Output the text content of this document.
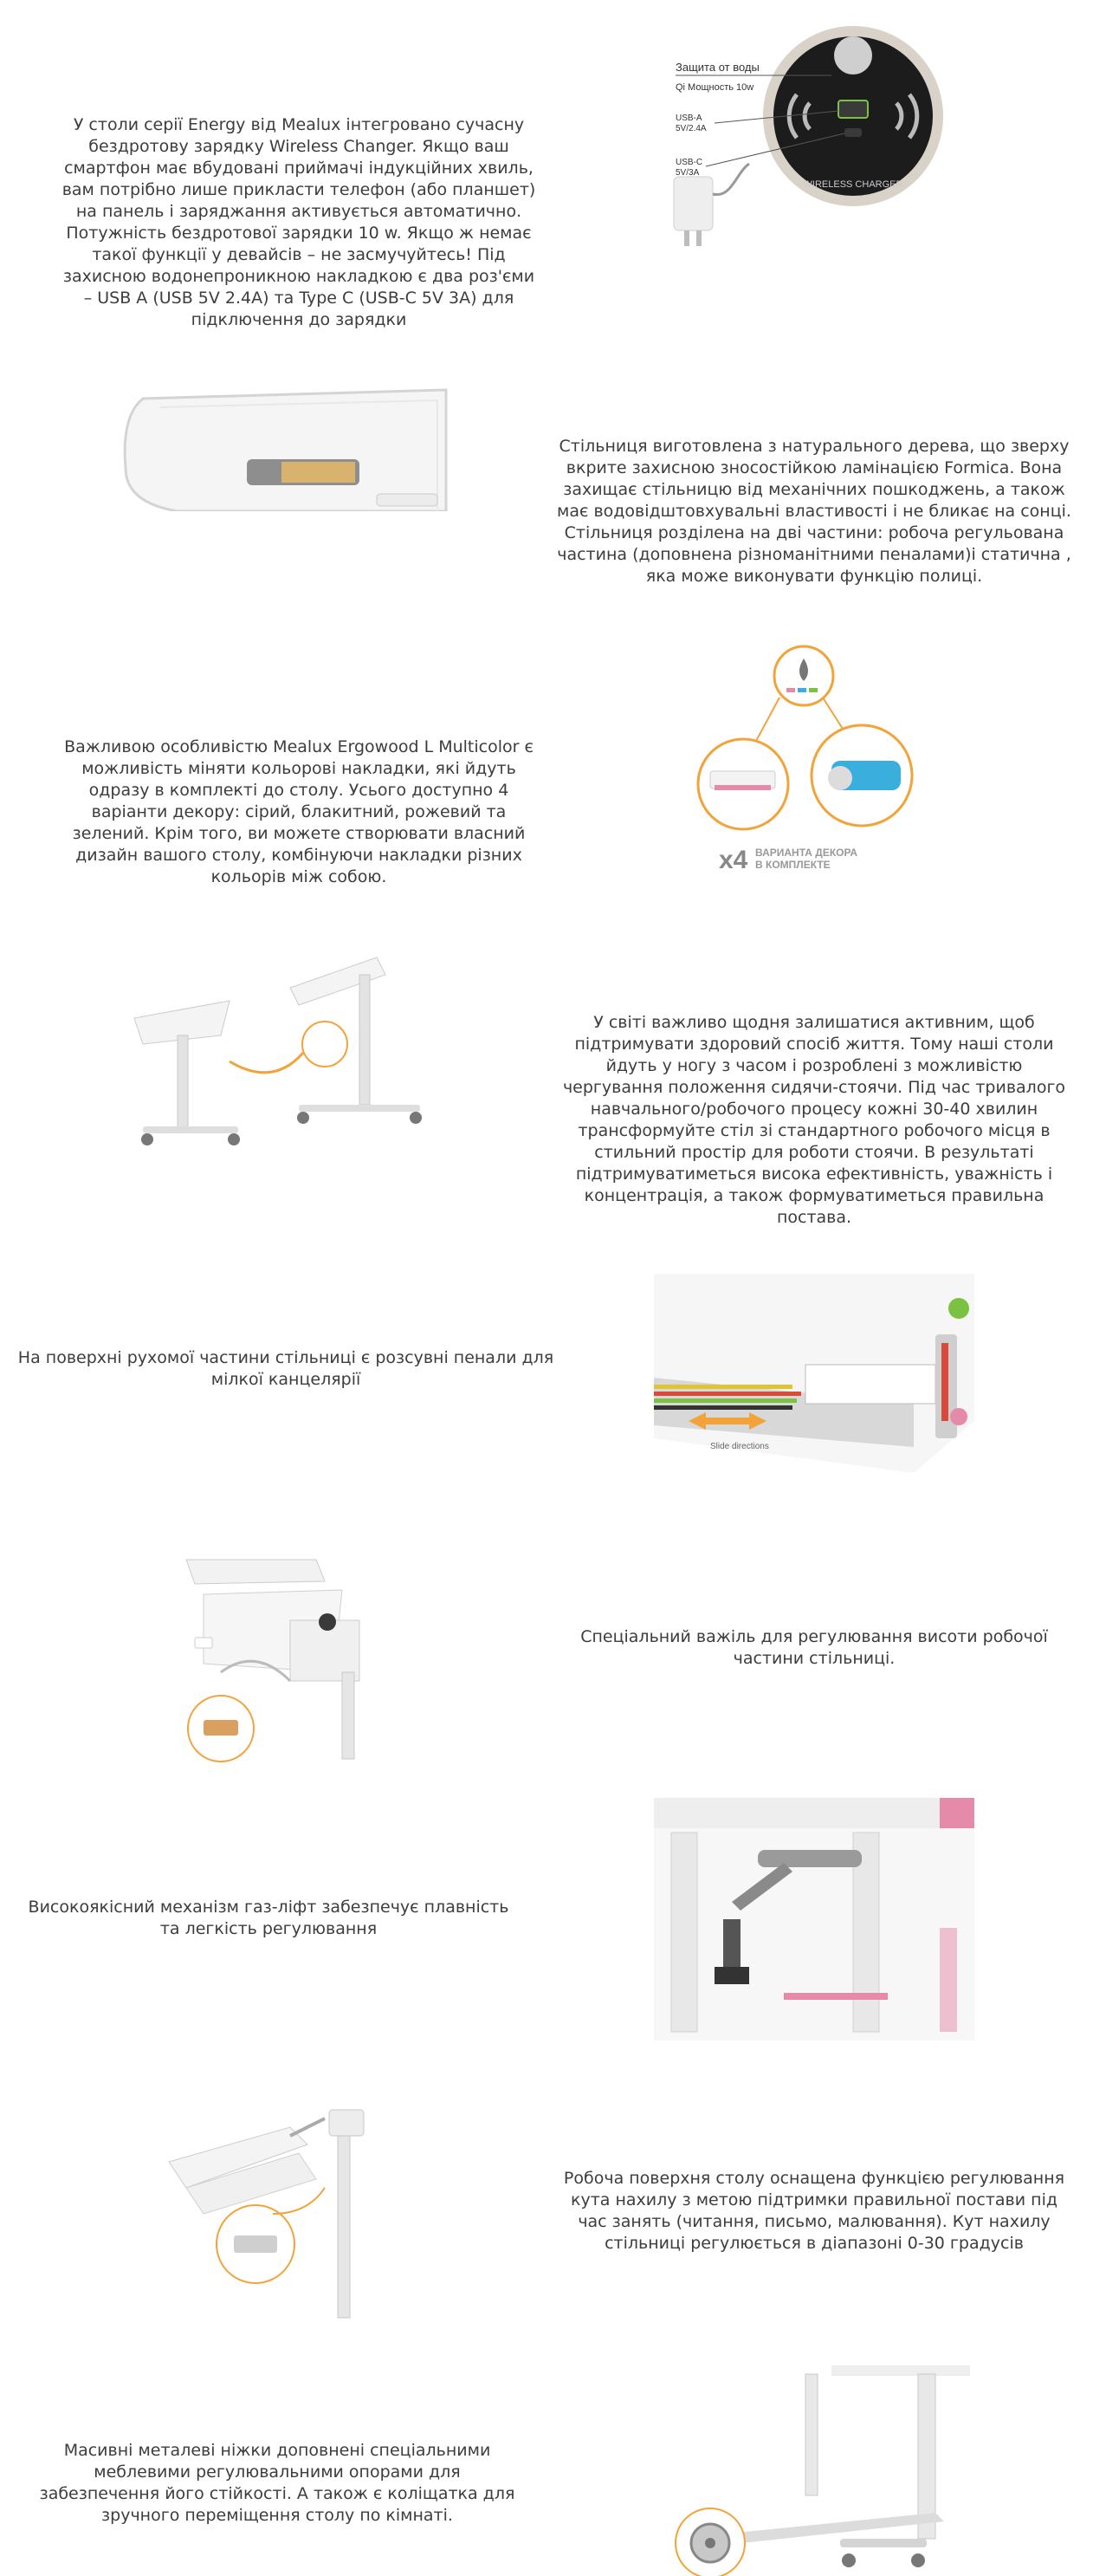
У столи серії Energy від Mealux інтегровано сучасну бездротову зарядку Wireless Changer. Якщо ваш смартфон має вбудовані приймачі індукційних хвиль, вам потрібно лише прикласти телефон (або планшет) на панель і заряджання активується автоматично. Потужність бездротової зарядки 10 w. Якщо ж немає такої функції у девайсів – не засмучуйтесь! Під захисною водонепроникною накладкою є два роз'єми – USB A (USB 5V 2.4A) та Type C (USB-C 5V 3A) для підключення до зарядки
WIRELESS CHARGER
Защита от воды
Qi Мощность 10w
USB-A
5V/2.4A
USB-C
5V/3A
Стільниця виготовлена з натурального дерева, що зверху вкрите захисною зносостійкою ламінацією Formica. Вона захищає стільницю від механічних пошкоджень, а також має водовідштовхувальні властивості і не бликає на сонці. Стільниця розділена на дві частини: робоча регульована частина (доповнена різноманітними пеналами)і статична , яка може виконувати функцію полиці.
Важливою особливістю Mealux Ergowood L Multicolor є можливість міняти кольорові накладки, які йдуть одразу в комплекті до столу. Усього доступно 4 варіанти декору: сірий, блакитний, рожевий та зелений. Крім того, ви можете створювати власний дизайн вашого столу, комбінуючи накладки різних кольорів між собою.
x4 ВАРИАНТА ДЕКОРА
В КОМПЛЕКТЕ
У світі важливо щодня залишатися активним, щоб підтримувати здоровий спосіб життя. Тому наші столи йдуть у ногу з часом і розроблені з можливістю чергування положення сидячи-стоячи. Під час тривалого навчального/робочого процесу кожні 30-40 хвилин трансформуйте стіл зі стандартного робочого місця в стильний простір для роботи стоячи. В результаті підтримуватиметься висока ефективність, уважність і концентрація, а також формуватиметься правильна постава.
На поверхні рухомої частини стільниці є розсувні пенали для мілкої канцелярії
Slide directions
Спеціальний важіль для регулювання висоти робочої частини стільниці.
Високоякісний механізм газ-ліфт забезпечує плавність та легкість регулювання
Робоча поверхня столу оснащена функцією регулювання кута нахилу з метою підтримки правильної постави під час занять (читання, письмо, малювання). Кут нахилу стільниці регулюється в діапазоні 0-30 градусів
Масивні металеві ніжки доповнені спеціальними меблевими регулювальними опорами для забезпечення його стійкості. А також є коліщатка для зручного переміщення столу по кімнаті.
